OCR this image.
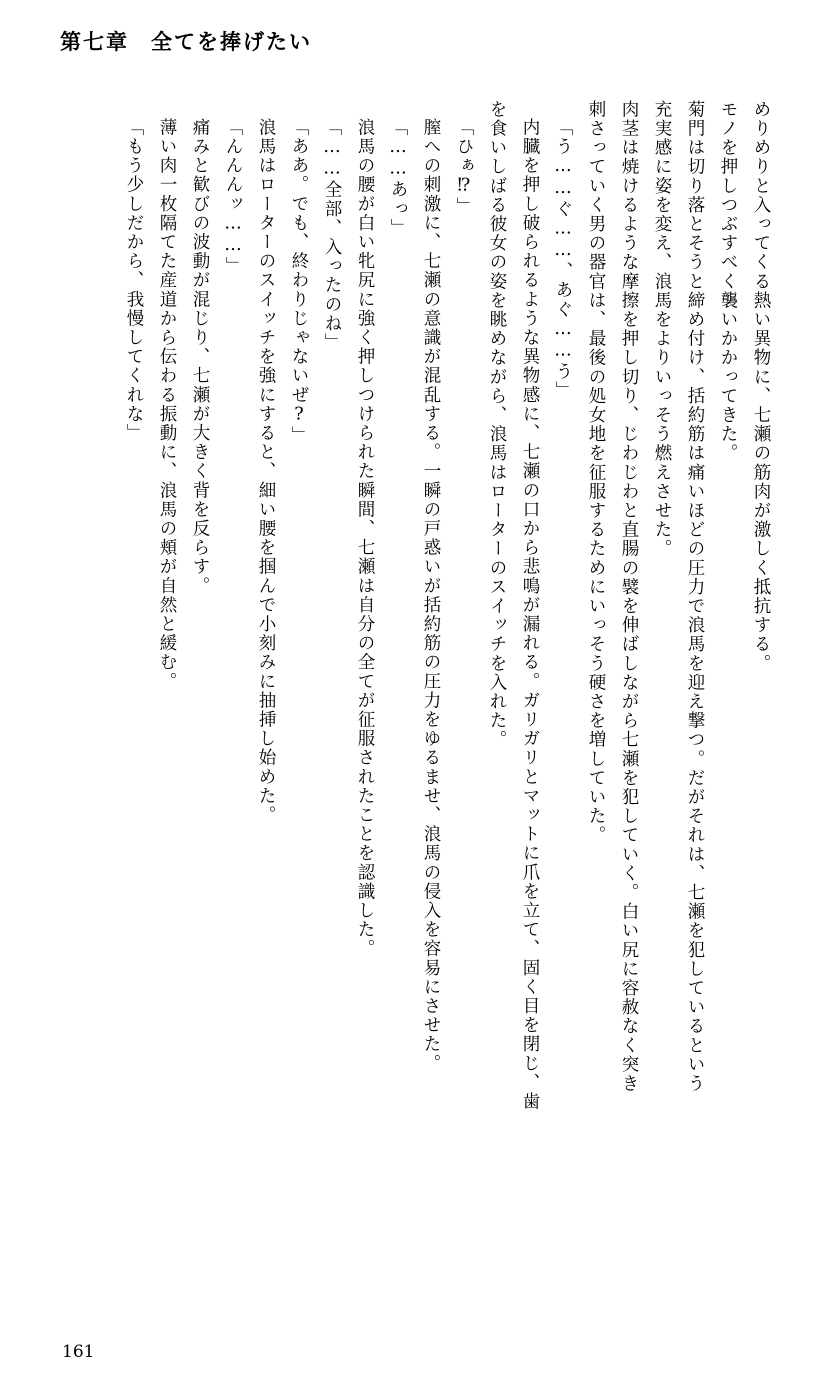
第七章 全てを捧げたい
めりめりと入ってくる熱い異物に、七瀬の筋肉が激しく抵抗する。
モノを押しつぶすべく襲いかかってきた。
菊門は切り落とそうと締め付け、括約筋は痛いほどの圧力で浪馬を迎え撃つ。だがそれは、七瀬を犯しているという
充実感に姿を変え、浪馬をよりいっそう燃えさせた。
肉茎は焼けるような摩擦を押し切り、じわじわと直腸の襞を伸ばしながら七瀬を犯していく。白い尻に容赦なく突き
刺さっていく男の器官は、最後の処女地を征服するためにいっそう硬さを増していた。
「う……ぐ……、あぐ……う」
内臓を押し破られるような異物感に、七瀬の口から悲鳴が漏れる。ガリガリとマットに爪を立て、固く目を閉じ、歯
を食いしばる彼女の姿を眺めながら、浪馬はローターのスイッチを入れた。
「ひぁ⁉」
膣への刺激に、七瀬の意識が混乱する。一瞬の戸惑いが括約筋の圧力をゆるませ、浪馬の侵入を容易にさせた。
「……あっ」
浪馬の腰が白い牝尻に強く押しつけられた瞬間、七瀬は自分の全てが征服されたことを認識した。
「……全部、入ったのね」
「ああ。でも、終わりじゃないぜ?」
浪馬はローターのスイッチを強にすると、細い腰を掴んで小刻みに抽挿し始めた。
「んんんッ……」
痛みと歓びの波動が混じり、七瀬が大きく背を反らす。
薄い肉一枚隔てた産道から伝わる振動に、浪馬の頬が自然と緩む。
「もう少しだから、我慢してくれな」
161
